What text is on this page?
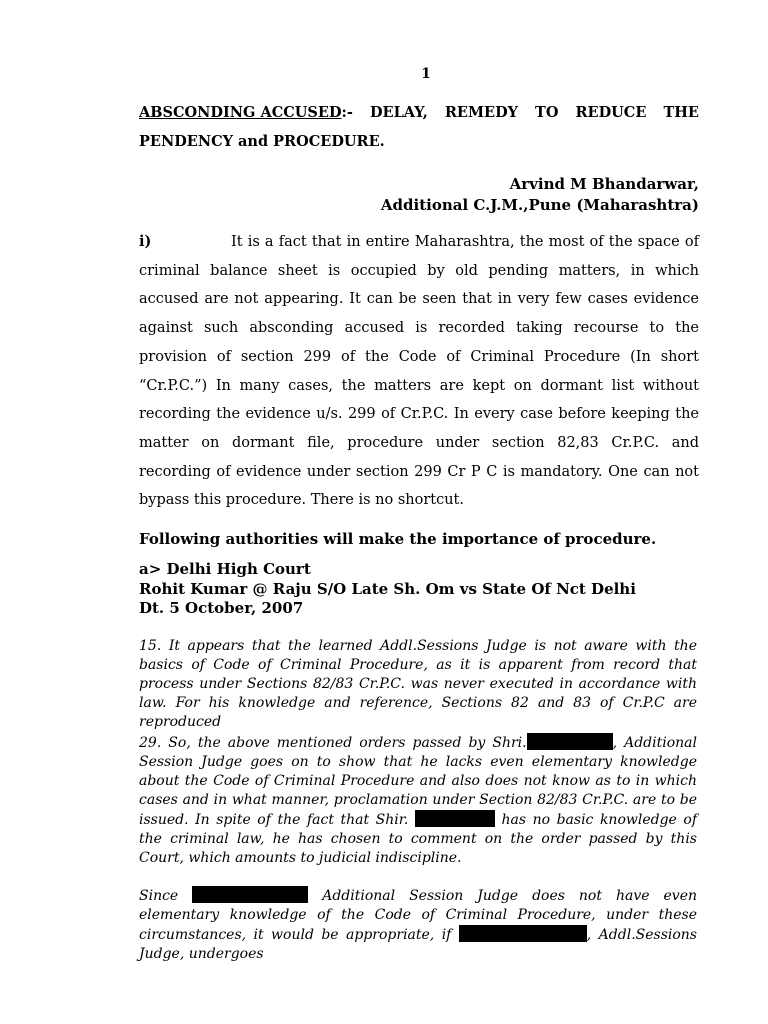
1
ABSCONDING ACCUSED:- DELAY, REMEDY TO REDUCE THE
PENDENCY and PROCEDURE.
Arvind M Bhandarwar,
Additional C.J.M.,Pune (Maharashtra)
i)	It is a fact that in entire Maharashtra, the most of the space of criminal balance sheet is occupied by old pending matters, in which accused are not appearing. It can be seen that in very few cases evidence against such absconding accused is recorded taking recourse to the provision of section 299 of the Code of Criminal Procedure (In short “Cr.P.C.”) In many cases, the matters are kept on dormant list without recording the evidence u/s. 299 of Cr.P.C. In every case before keeping the matter on dormant file, procedure under section 82,83 Cr.P.C. and recording of evidence under section 299 Cr P C is mandatory. One can not bypass this procedure. There is no shortcut.
Following authorities will make the importance of procedure.
a> Delhi High Court
Rohit Kumar @ Raju S/O Late Sh. Om vs State Of Nct Delhi
Dt. 5 October, 2007
15. It appears that the learned Addl.Sessions Judge is not aware with the basics of Code of Criminal Procedure, as it is apparent from record that process under Sections 82/83 Cr.P.C. was never executed in accordance with law. For his knowledge and reference, Sections 82 and 83 of Cr.P.C are reproduced
29. So, the above mentioned orders passed by Shri.	, Additional Session Judge goes on to show that he lacks even elementary knowledge about the Code of Criminal Procedure and also does not know as to in which cases and in what manner, proclamation under Section 82/83 Cr.P.C. are to be issued. In spite of the fact that Shir.	has no basic knowledge of the criminal law, he has chosen to comment on the order passed by this Court, which amounts to judicial indiscipline.
Since	Additional Session Judge does not have even elementary knowledge of the Code of Criminal Procedure, under these circumstances, it would be appropriate, if	, Addl.Sessions Judge, undergoes
